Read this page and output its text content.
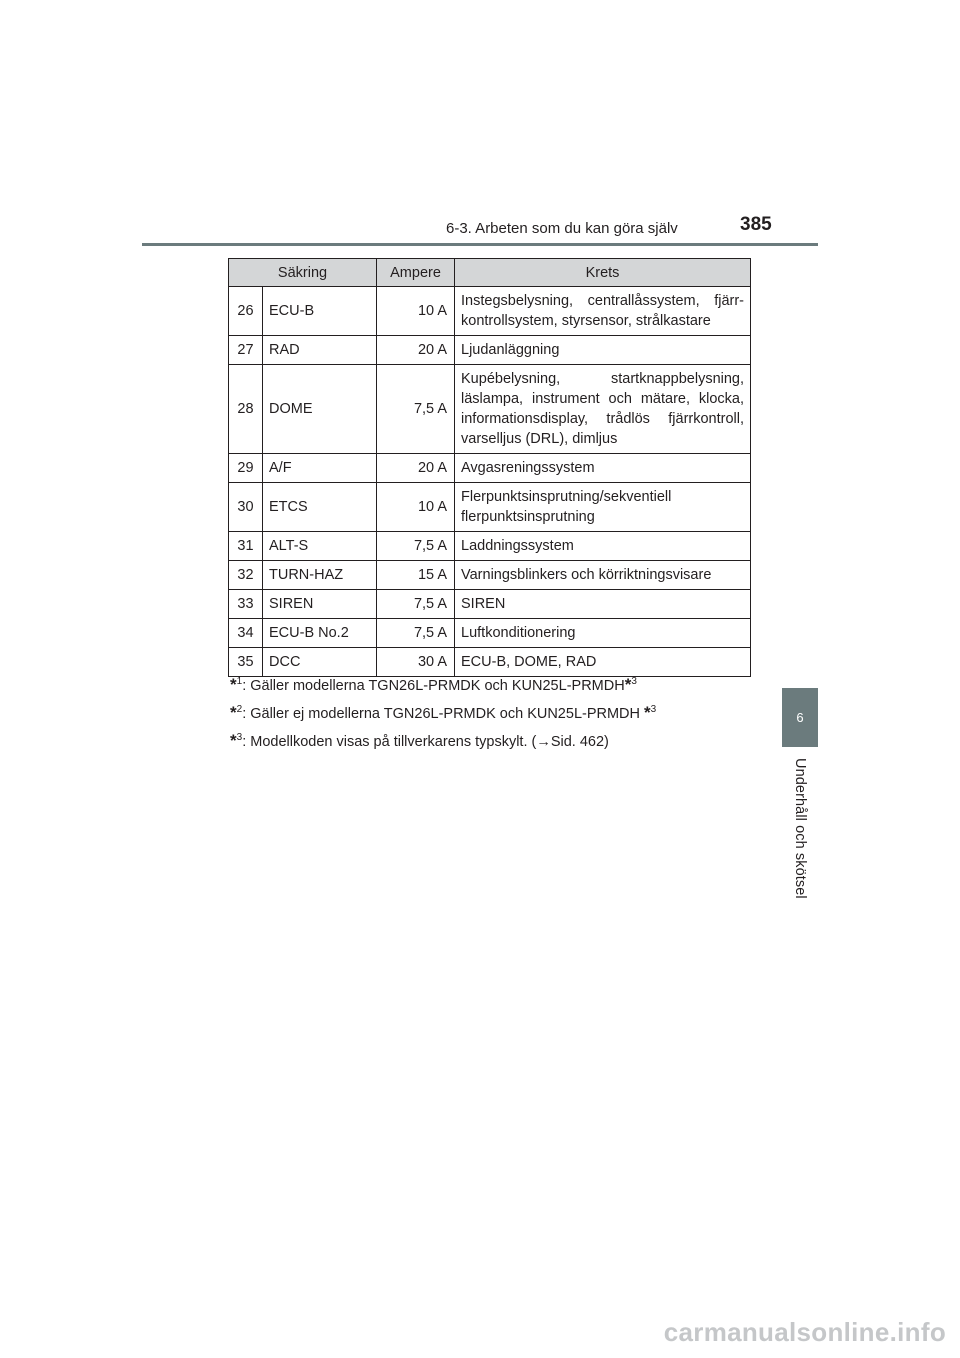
6-3. Arbeten som du kan göra själv	385
Säkring		Ampere	Krets
26	ECU-B	10 A	Instegsbelysning, centrallåssystem, fjärr-kontrollsystem, styrsensor, strålkastare
27	RAD	20 A	Ljudanläggning
28	DOME	7,5 A	Kupébelysning, startknappbelysning, läslampa, instrument och mätare, klocka, informationsdisplay, trådlös fjärrkontroll, varselljus (DRL), dimljus
29	A/F	20 A	Avgasreningssystem
30	ETCS	10 A	Flerpunktsinsprutning/sekventiell flerpunktsinsprutning
31	ALT-S	7,5 A	Laddningssystem
32	TURN-HAZ	15 A	Varningsblinkers och körriktningsvisare
33	SIREN	7,5 A	SIREN
34	ECU-B No.2	7,5 A	Luftkonditionering
35	DCC	30 A	ECU-B, DOME, RAD
*$^1$: Gäller modellerna TGN26L-PRMDK och KUN25L-PRMDH*$^3$
*$^2$: Gäller ej modellerna TGN26L-PRMDK och KUN25L-PRMDH *$^3$
*$^3$: Modellkoden visas på tillverkarens typskylt. (→Sid. 462)
6
Underhåll och skötsel
carmanualsonline.info
